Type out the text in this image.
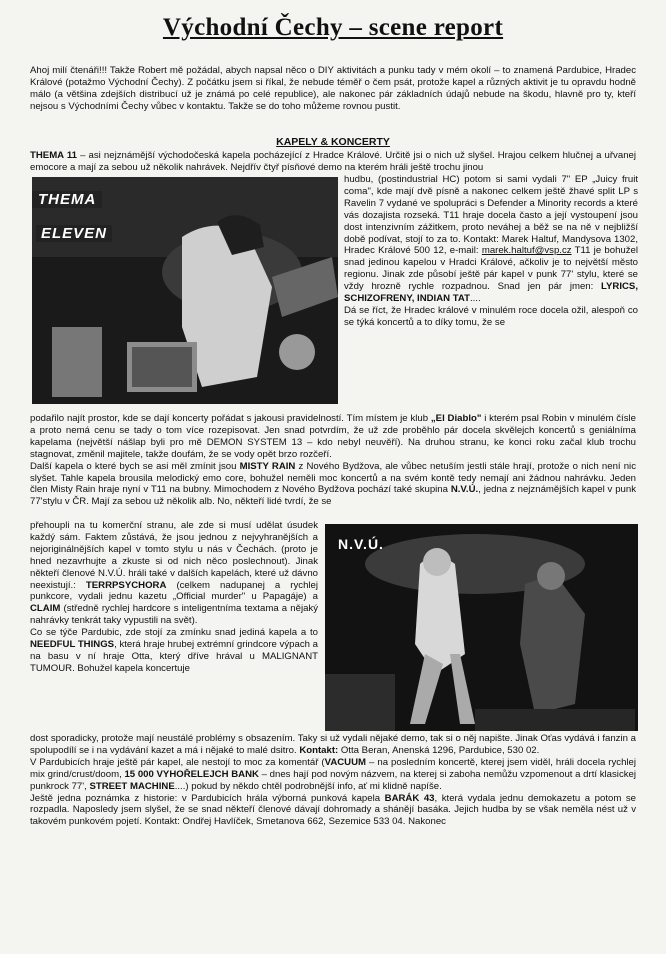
Východní Čechy – scene report

Ahoj milí čtenáři!!! Takže Robert mě požádal, abych napsal něco o DIY aktivitách a punku tady v mém okolí – to znamená Pardubice, Hradec Králové (potažmo Východní Čechy). Z počátku jsem si říkal, že nebude téměř o čem psát, protože kapel a různých aktivit je tu opravdu hodně málo (a většina zdejších distribucí už je známá po celé republice), ale nakonec pár základních údajů nebude na škodu, hlavně pro ty, kteří nejsou s Východními Čechy vůbec v kontaktu. Takže se do toho můžeme rovnou pustit.

KAPELY & KONCERTY

THEMA 11 – asi nejznámější východočeská kapela pocházející z Hradce Králové. Určitě jsi o nich už slyšel. Hrajou celkem hlučnej a uřvanej emocore a mají za sebou už několik nahrávek. Nejdřív čtyř písňové demo na kterém hráli ještě trochu jinou

THEMA
ELEVEN

hudbu, (postindustrial HC) potom si sami vydali 7" EP „Juicy fruit coma", kde mají dvě písně a nakonec celkem ještě žhavé split LP s Ravelin 7 vydané ve spolupráci s Defender a Minority records a které vás dozajista rozseká. T11 hraje docela často a její vystoupení jsou dost intenzivním zážitkem, proto neváhej a běž se na ně v nejbližší době podívat, stojí to za to. Kontakt: Marek Haltuf, Mandysova 1302, Hradec Králové 500 12, e-mail: marek.haltuf@vsp.cz T11 je bohužel snad jedinou kapelou v Hradci Králové, ačkoliv je to největší město regionu. Jinak zde působí ještě pár kapel v punk 77' stylu, které se vždy hrozně rychle rozpadnou. Snad jen pár jmen: LYRICS, SCHIZOFRENY, INDIAN TAT....

Dá se říct, že Hradec králové v minulém roce docela ožil, alespoň co se týká koncertů a to díky tomu, že se

podařilo najít prostor, kde se dají koncerty pořádat s jakousi pravidelností. Tím místem je klub „El Diablo" i kterém psal Robin v minulém čísle a proto nemá cenu se tady o tom více rozepisovat. Jen snad potvrdím, že už zde proběhlo pár docela skvělejch koncertů s geniálníma kapelama (největší nášlap byli pro mě DEMON SYSTEM 13 – kdo nebyl neuvěří). Na druhou stranu, ke konci roku začal klub trochu stagnovat, změnil majitele, takže doufám, že se vody opět brzo rozčeří.

Další kapela o které bych se asi měl zmínit jsou MISTY RAIN z Nového Bydžova, ale vůbec netuším jestli stále hrají, protože o nich není nic slyšet. Tahle kapela brousila melodický emo core, bohužel neměli moc koncertů a na svém kontě tedy nemají ani žádnou nahrávku. Jeden člen Misty Rain hraje nyní v T11 na bubny. Mimochodem z Nového Bydžova pochází také skupina N.V.Ú., jedna z nejznámějších kapel v punk 77'stylu v ČR. Mají za sebou už několik alb. No, někteří lidé tvrdí, že se

N.V.Ú.

přehoupli na tu komerční stranu, ale zde si musí udělat úsudek každý sám. Faktem zůstává, že jsou jednou z nejvyhranějších a nejoriginálnějších kapel v tomto stylu u nás v Čechách. (proto je hned nezavrhujte a zkuste si od nich něco poslechnout). Jinak někteří členové N.V.Ú. hráli také v dalších kapelách, které už dávno neexistují.: TERRPSYCHORA (celkem nadupanej a rychlej punkcore, vydali jednu kazetu „Official murder" u Papagáje) a CLAIM (středně rychlej hardcore s inteligentníma textama a nějaký nahrávky tenkrát taky vypustili na svět).

Co se týče Pardubic, zde stojí za zmínku snad jediná kapela a to NEEDFUL THINGS, která hraje hrubej extrémní grindcore výpach a na basu v ní hraje Otta, který dříve hrával u MALIGNANT TUMOUR. Bohužel kapela koncertuje

dost sporadicky, protože mají neustálé problémy s obsazením. Taky si už vydali nějaké demo, tak si o něj napište. Jinak Oťas vydává i fanzin a spolupodílí se i na vydávání kazet a má i nějaké to malé dsitro. Kontakt: Otta Beran, Anenská 1296, Pardubice, 530 02.

V Pardubicích hraje ještě pár kapel, ale nestojí to moc za komentář (VACUUM – na posledním koncertě, kterej jsem viděl, hráli docela rychlej mix grind/crust/doom, 15 000 VYHOŘELEJCH BANK – dnes hají pod novým názvem, na kterej si zaboha nemůžu vzpomenout a drtí klasickej punkrock 77', STREET MACHINE....) pokud by někdo chtěl podrobnější info, ať mi klidně napíše.

Ještě jedna poznámka z historie: v Pardubicích hrála výborná punková kapela BARÁK 43, která vydala jednu demokazetu a potom se rozpadla. Naposledy jsem slyšel, že se snad někteří členové dávají dohromady a shánějí basáka. Jejich hudba by se však neměla nést už v takovém punkovém pojetí. Kontakt: Ondřej Havlíček, Smetanova 662, Sezemice 533 04. Nakonec
